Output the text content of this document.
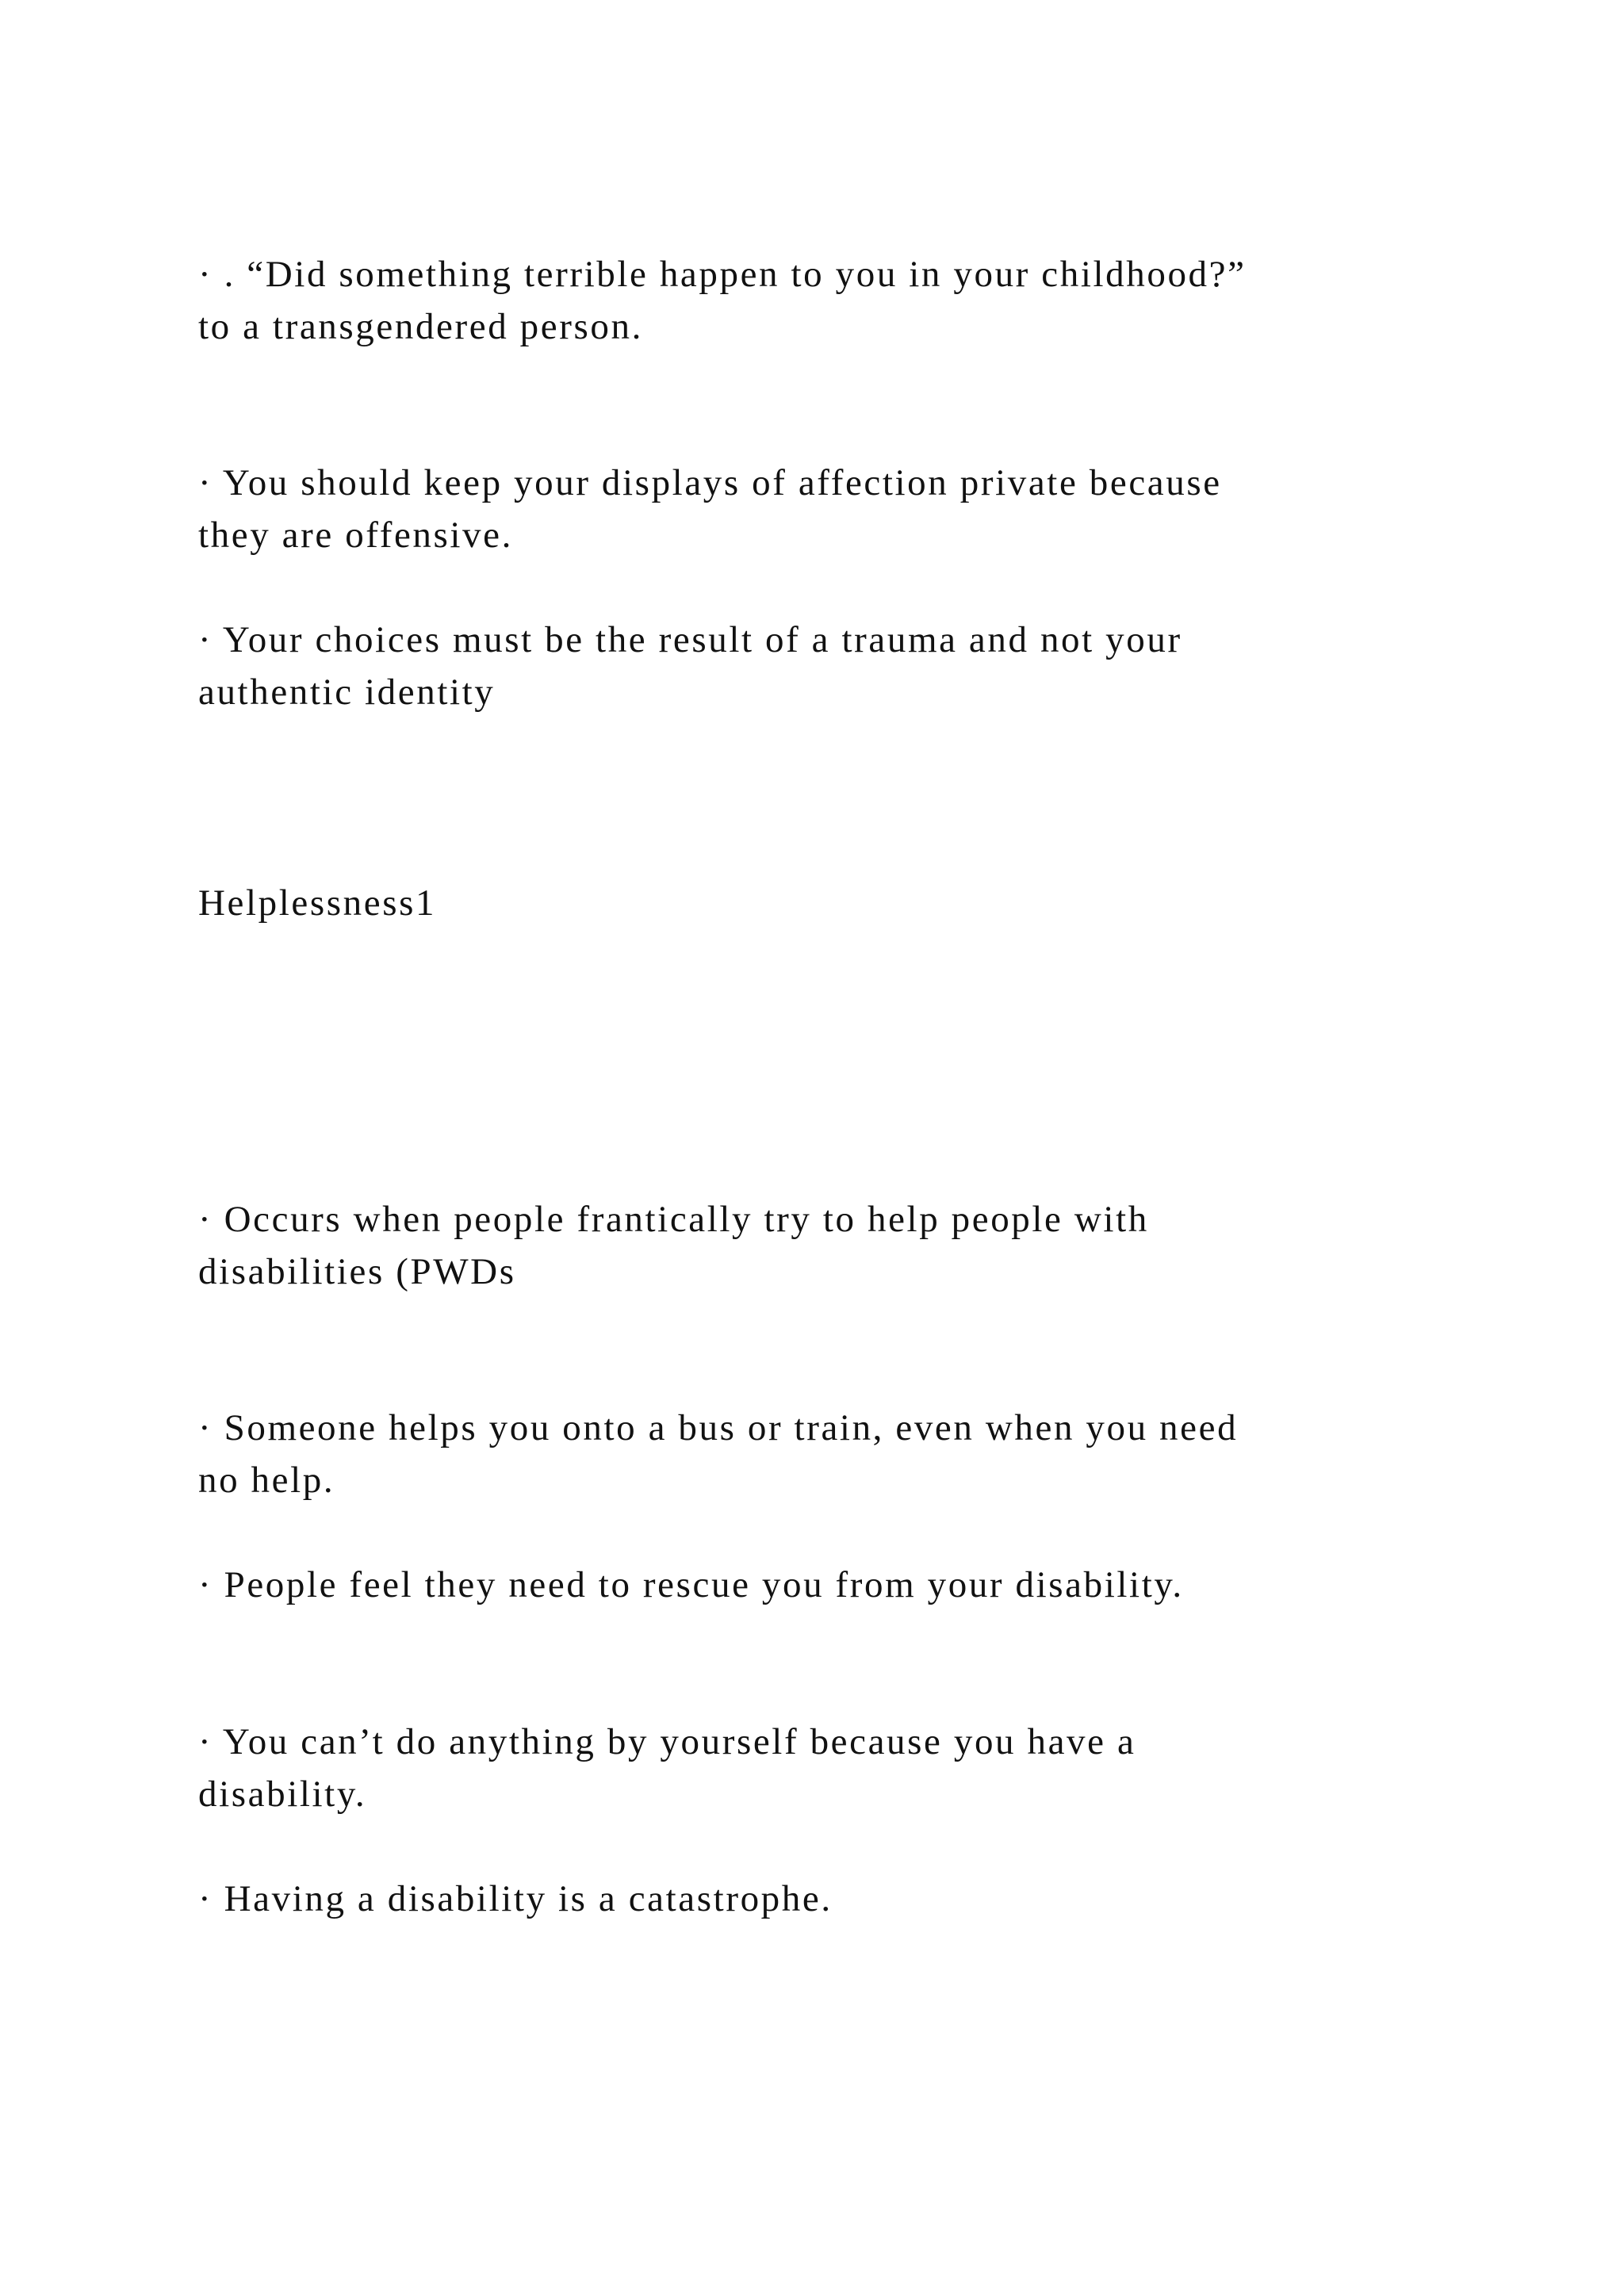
· . “Did something terrible happen to you in your childhood?”
to a transgendered person.

· You should keep your displays of affection private because
they are offensive.

· Your choices must be the result of a trauma and not your
authentic identity

Helplessness1

· Occurs when people frantically try to help people with
disabilities (PWDs

· Someone helps you onto a bus or train, even when you need
no help.

· People feel they need to rescue you from your disability.

· You can’t do anything by yourself because you have a
disability.

· Having a disability is a catastrophe.
